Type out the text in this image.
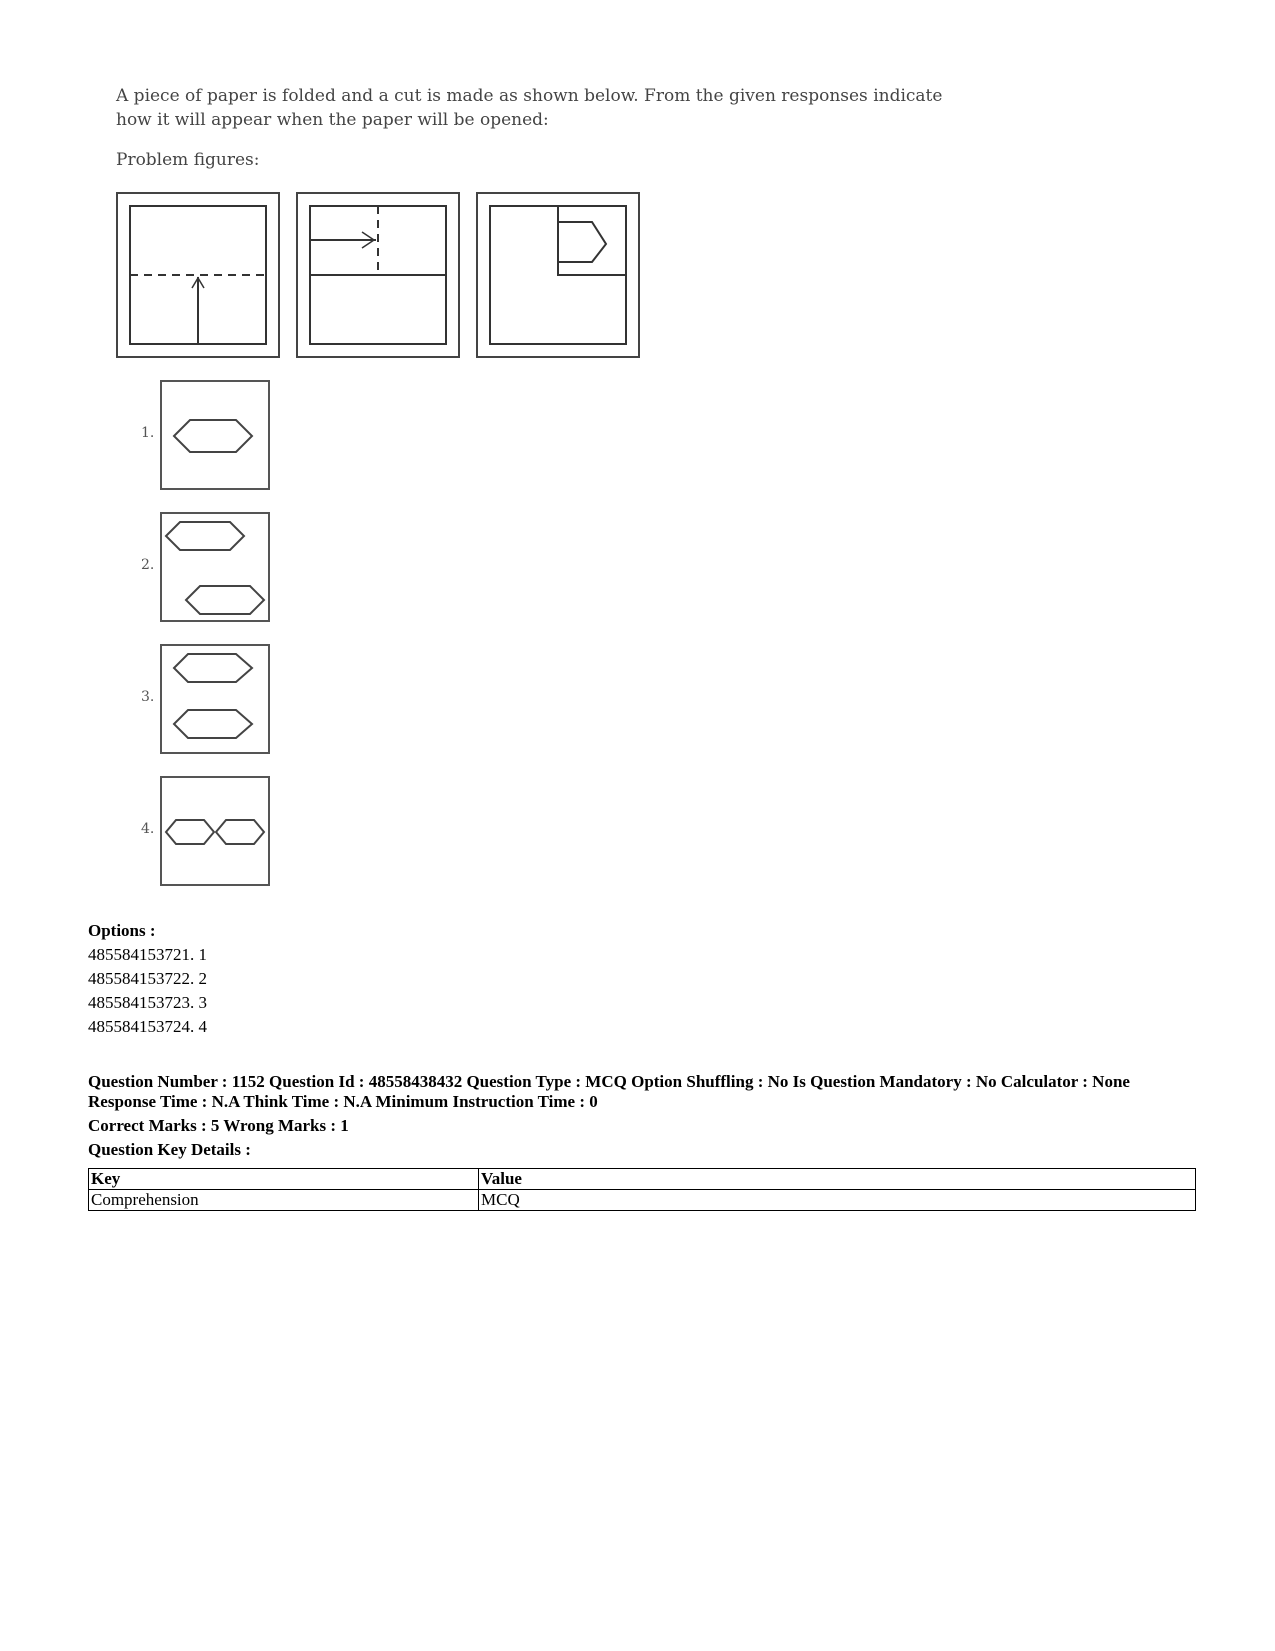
A piece of paper is folded and a cut is made as shown below. From the given responses indicate how it will appear when the paper will be opened:

Problem figures:
1.
2.
3.
4.
Options :
485584153721. 1
485584153722. 2
485584153723. 3
485584153724. 4
Question Number : 1152 Question Id : 48558438432 Question Type : MCQ Option Shuffling : No Is Question Mandatory : No Calculator : None
Response Time : N.A Think Time : N.A Minimum Instruction Time : 0
Correct Marks : 5 Wrong Marks : 1
Question Key Details :
Key	Value
Comprehension	MCQ
